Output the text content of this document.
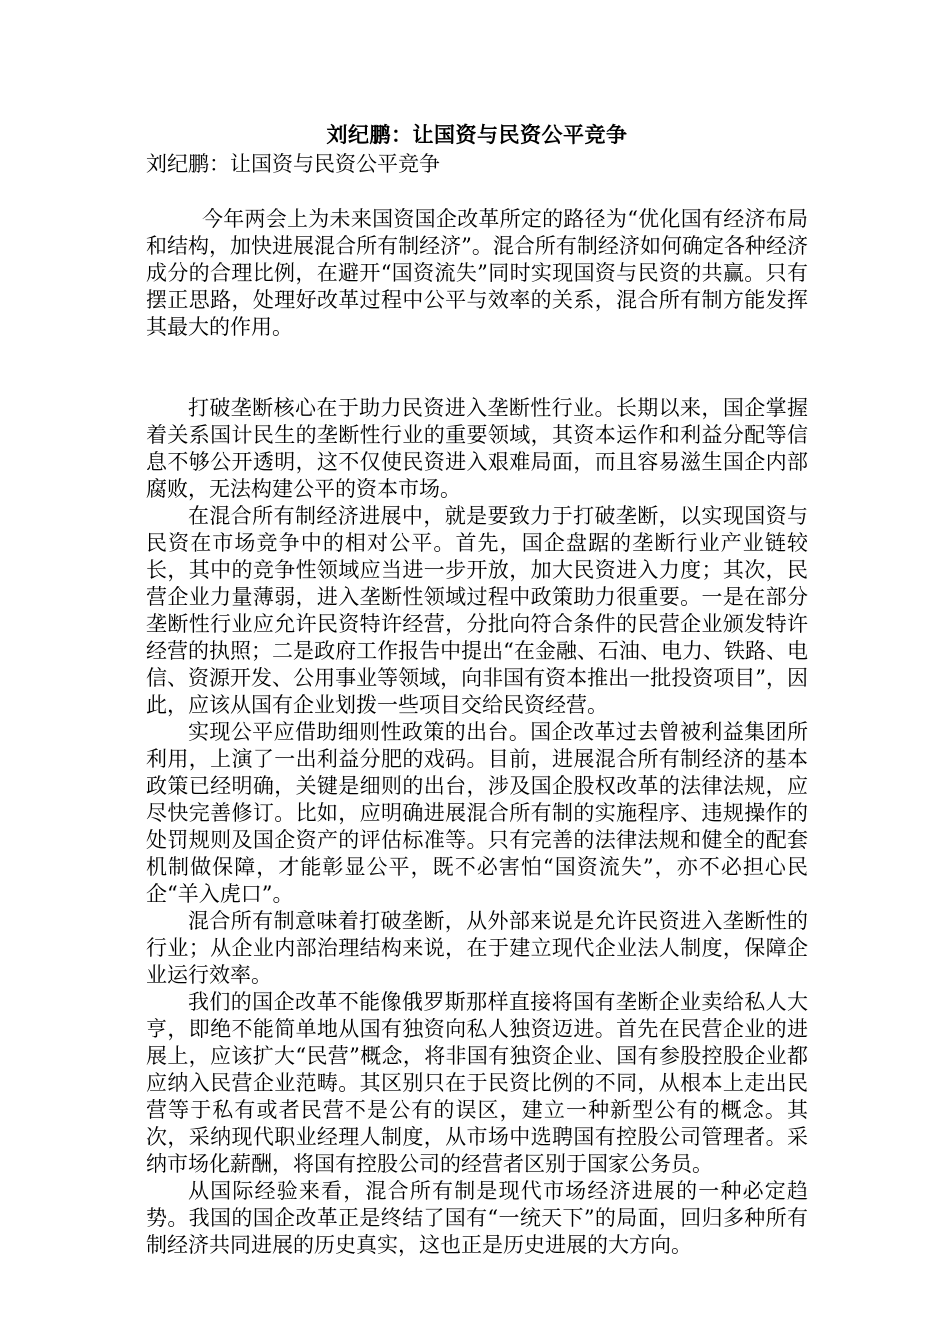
刘纪鹏：让国资与民资公平竞争

刘纪鹏：让国资与民资公平竞争

今年两会上为未来国资国企改革所定的路径为“优化国有经济布局和结构，加快进展混合所有制经济”。混合所有制经济如何确定各种经济成分的合理比例，在避开“国资流失”同时实现国资与民资的共赢。只有摆正思路，处理好改革过程中公平与效率的关系，混合所有制方能发挥其最大的作用。

打破垄断核心在于助力民资进入垄断性行业。长期以来，国企掌握着关系国计民生的垄断性行业的重要领域，其资本运作和利益分配等信息不够公开透明，这不仅使民资进入艰难局面，而且容易滋生国企内部腐败，无法构建公平的资本市场。

在混合所有制经济进展中，就是要致力于打破垄断，以实现国资与民资在市场竞争中的相对公平。首先，国企盘踞的垄断行业产业链较长，其中的竞争性领域应当进一步开放，加大民资进入力度；其次，民营企业力量薄弱，进入垄断性领域过程中政策助力很重要。一是在部分垄断性行业应允许民资特许经营，分批向符合条件的民营企业颁发特许经营的执照；二是政府工作报告中提出“在金融、石油、电力、铁路、电信、资源开发、公用事业等领域，向非国有资本推出一批投资项目”，因此，应该从国有企业划拨一些项目交给民资经营。

实现公平应借助细则性政策的出台。国企改革过去曾被利益集团所利用，上演了一出利益分肥的戏码。目前，进展混合所有制经济的基本政策已经明确，关键是细则的出台，涉及国企股权改革的法律法规，应尽快完善修订。比如，应明确进展混合所有制的实施程序、违规操作的处罚规则及国企资产的评估标准等。只有完善的法律法规和健全的配套机制做保障，才能彰显公平，既不必害怕“国资流失”，亦不必担心民企“羊入虎口”。

混合所有制意味着打破垄断，从外部来说是允许民资进入垄断性的行业；从企业内部治理结构来说，在于建立现代企业法人制度，保障企业运行效率。

我们的国企改革不能像俄罗斯那样直接将国有垄断企业卖给私人大亨，即绝不能简单地从国有独资向私人独资迈进。首先在民营企业的进展上，应该扩大“民营”概念，将非国有独资企业、国有参股控股企业都应纳入民营企业范畴。其区别只在于民资比例的不同，从根本上走出民营等于私有或者民营不是公有的误区，建立一种新型公有的概念。其次，采纳现代职业经理人制度，从市场中选聘国有控股公司管理者。采纳市场化薪酬，将国有控股公司的经营者区别于国家公务员。

从国际经验来看，混合所有制是现代市场经济进展的一种必定趋势。我国的国企改革正是终结了国有“一统天下”的局面，回归多种所有制经济共同进展的历史真实，这也正是历史进展的大方向。
